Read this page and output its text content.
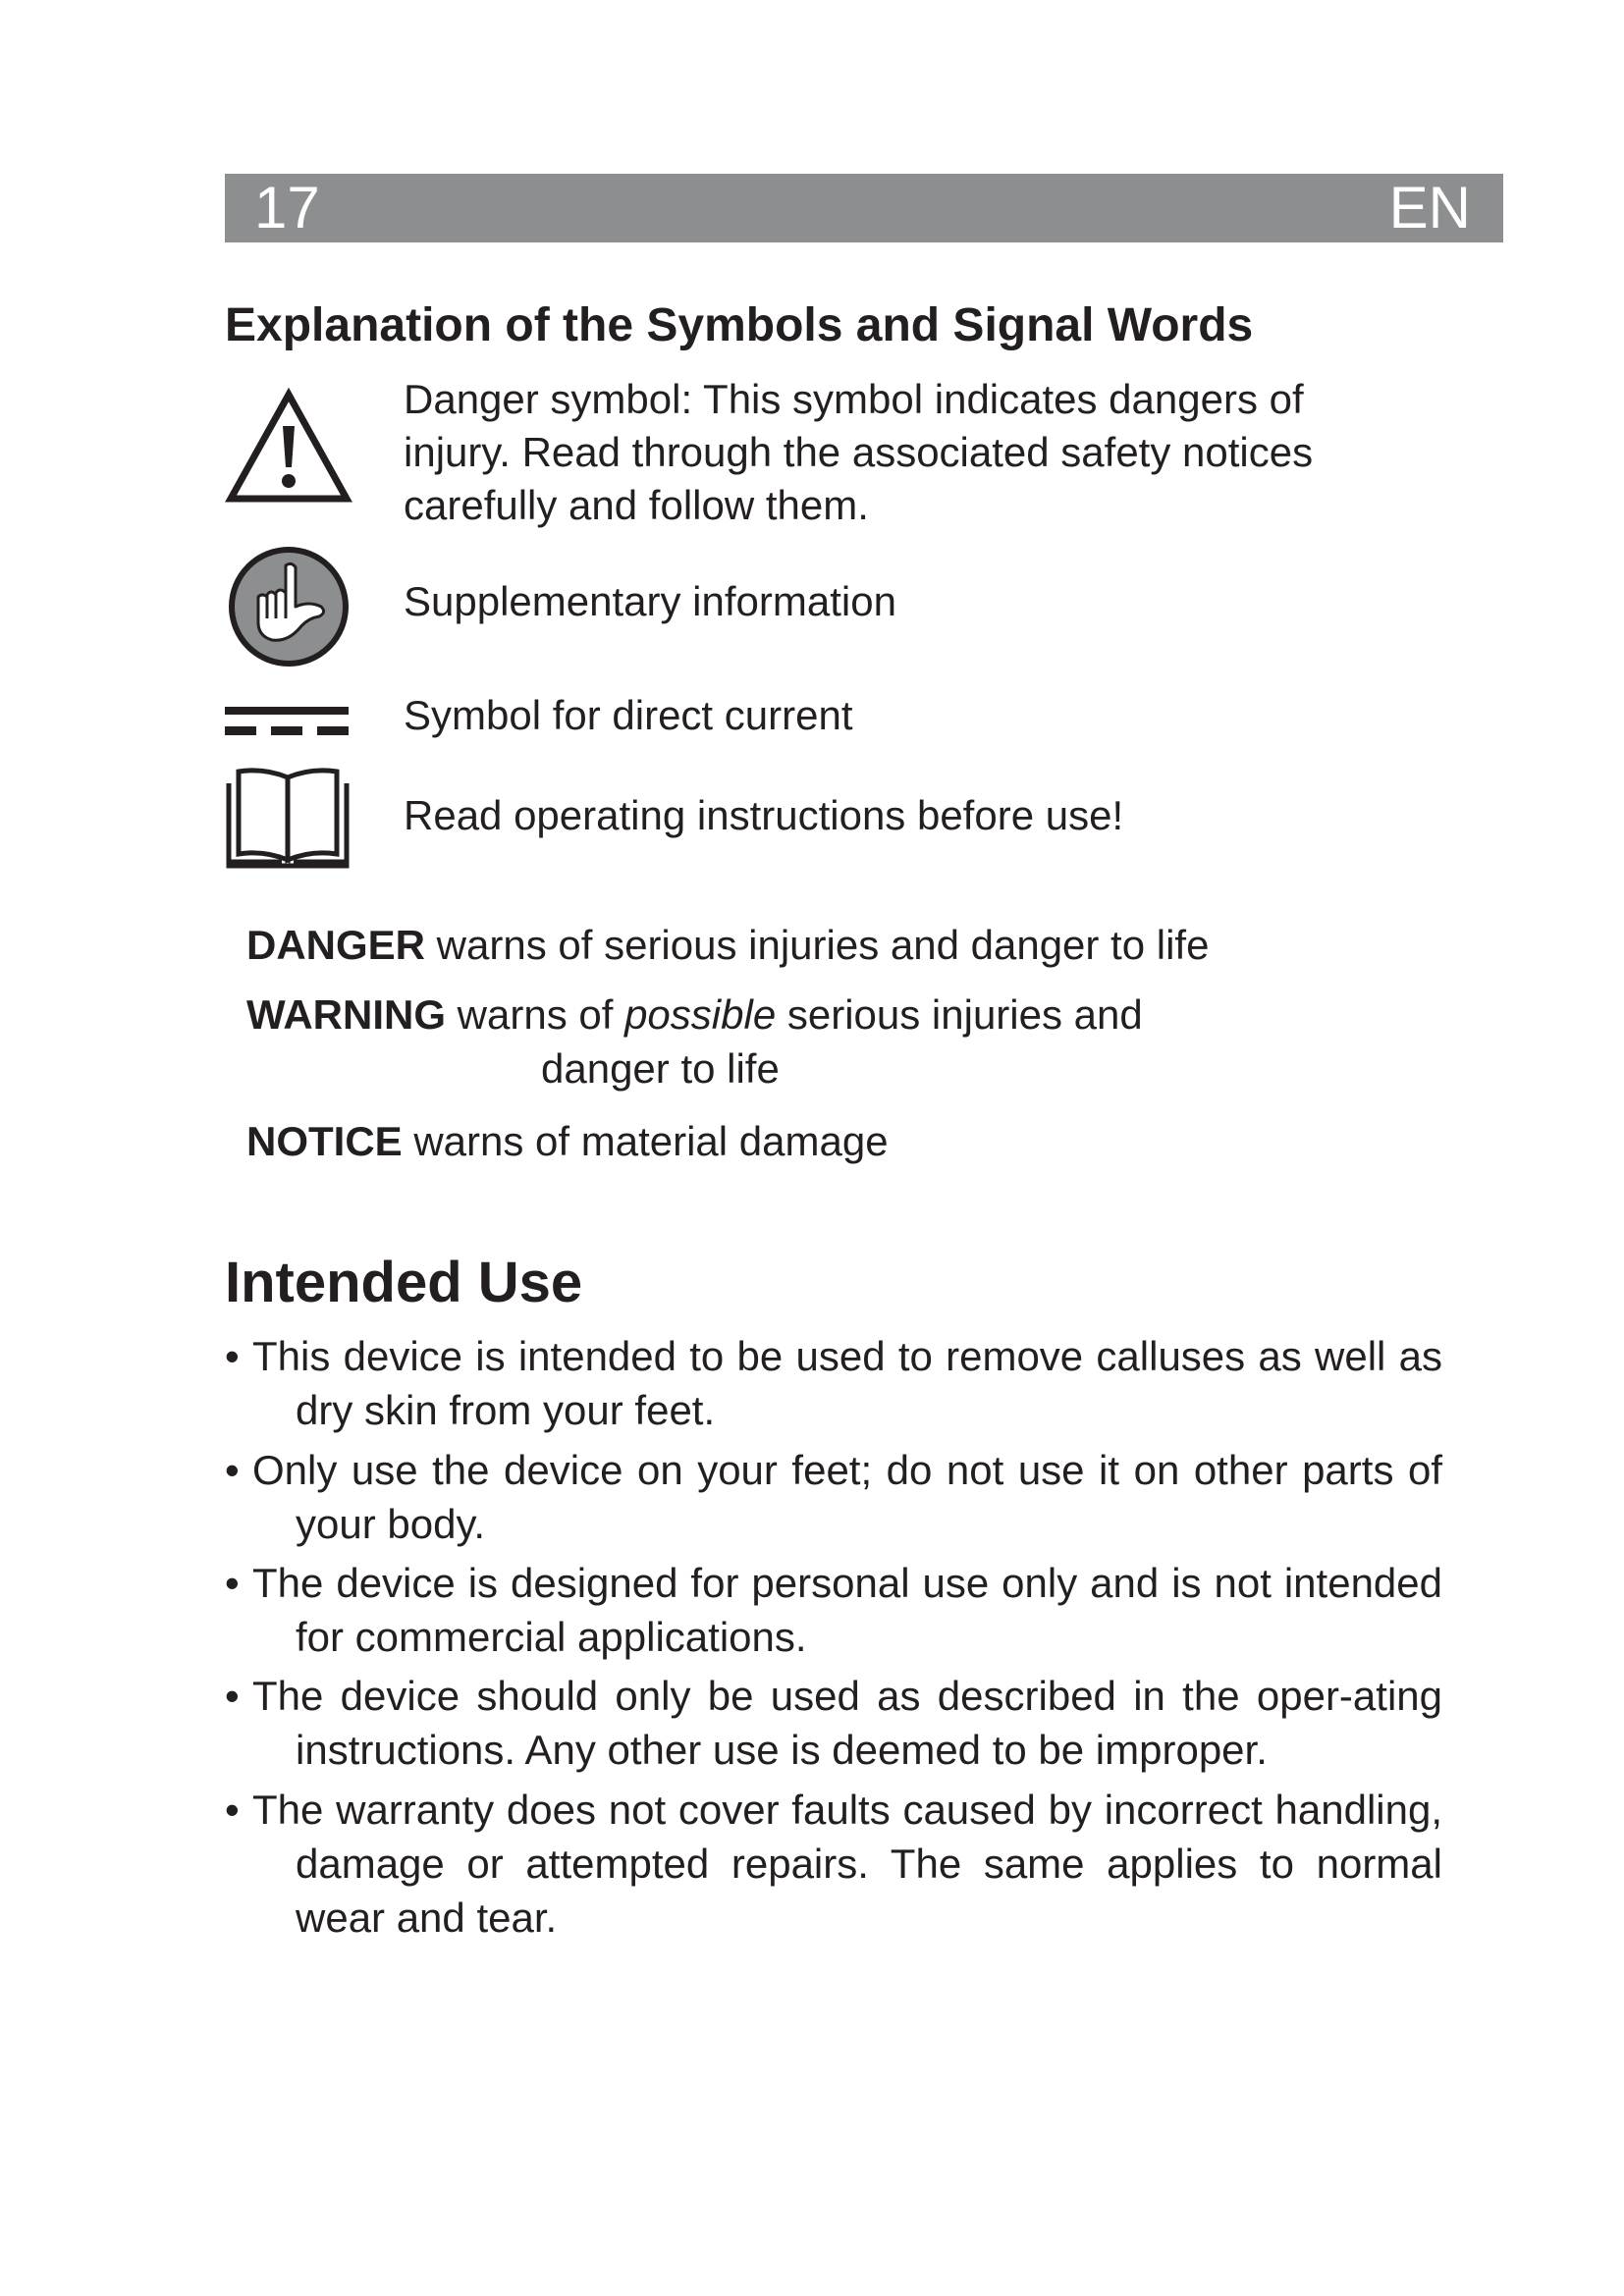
17	EN
Explanation of the Symbols and Signal Words
Danger symbol: This symbol indicates dangers of
injury. Read through the associated safety notices
carefully and follow them.
Supplementary information
Symbol for direct current
Read operating instructions before use!
DANGER warns of serious injuries and danger to life
WARNING warns of possible serious injuries and
danger to life
NOTICE warns of material damage
Intended Use
• This device is intended to be used to remove calluses as well as dry skin from your feet.
• Only use the device on your feet; do not use it on other parts of your body.
• The device is designed for personal use only and is not intended for commercial applications.
• The device should only be used as described in the oper-ating instructions. Any other use is deemed to be improper.
• The warranty does not cover faults caused by incorrect handling, damage or attempted repairs. The same applies to normal wear and tear.
